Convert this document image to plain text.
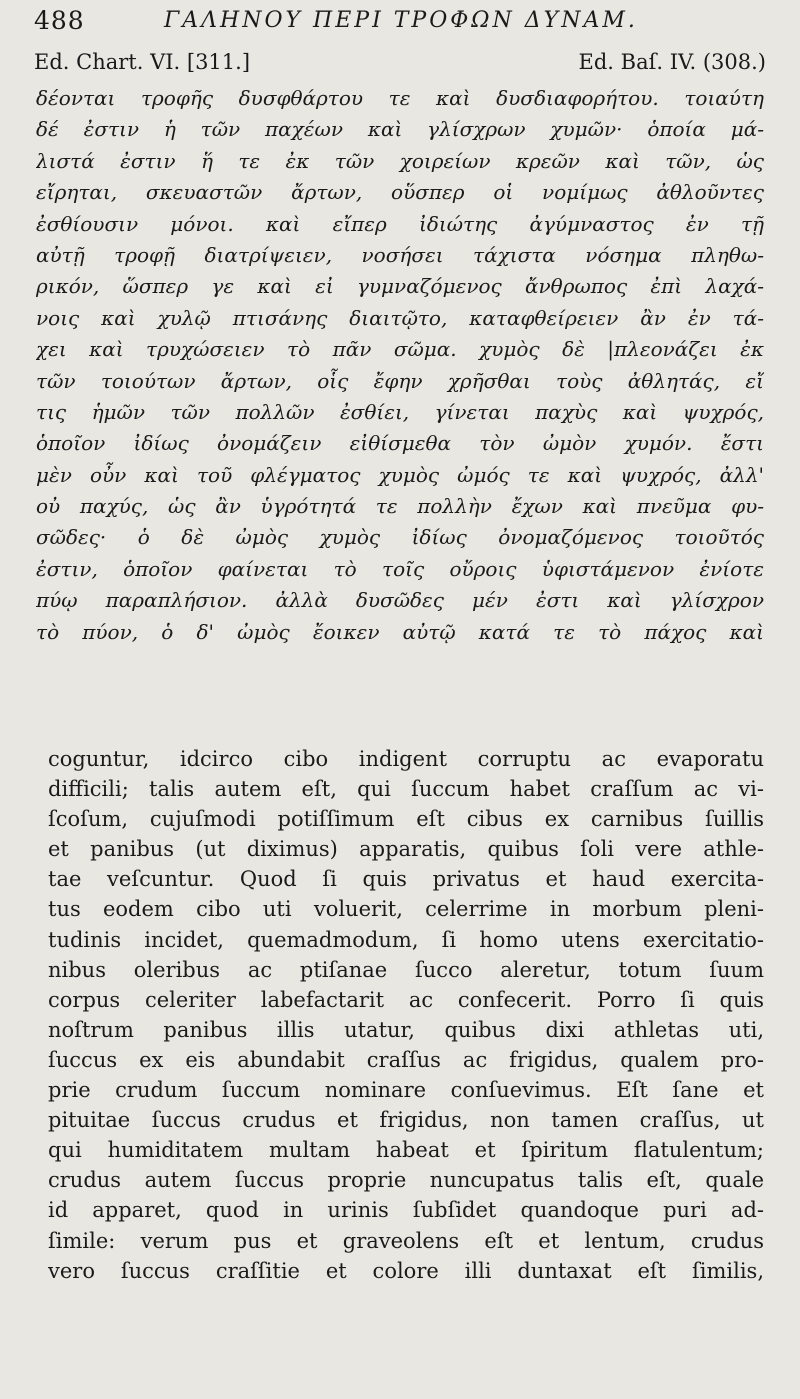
488	ΓΑΛΗΝΟΥ ΠΕΡΙ ΤΡΟΦΩΝ ΔΥΝΑΜ.
Ed. Chart. VI. [311.]	Ed. Baſ. IV. (308.)
δέονται τροφῆς δυσφθάρτου τε καὶ δυσδιαφορήτου. τοιαύτη
δέ ἐστιν ἡ τῶν παχέων καὶ γλίσχρων χυμῶν· ὁποία μά-
λιστά ἐστιν ἥ τε ἐκ τῶν χοιρείων κρεῶν καὶ τῶν, ὡς
εἴρηται, σκευαστῶν ἄρτων, οὕσπερ οἱ νομίμως ἀθλοῦντες
ἐσθίουσιν μόνοι. καὶ εἴπερ ἰδιώτης ἀγύμναστος ἐν τῇ
αὐτῇ τροφῇ διατρίψειεν, νοσήσει τάχιστα νόσημα πληθω-
ρικόν, ὥσπερ γε καὶ εἰ γυμναζόμενος ἄνθρωπος ἐπὶ λαχά-
νοις καὶ χυλῷ πτισάνης διαιτῷτο, καταφθείρειεν ἂν ἐν τά-
χει καὶ τρυχώσειεν τὸ πᾶν σῶμα. χυμὸς δὲ |πλεονάζει ἐκ
τῶν τοιούτων ἄρτων, οἷς ἔφην χρῆσθαι τοὺς ἀθλητάς, εἴ
τις ἡμῶν τῶν πολλῶν ἐσθίει, γίνεται παχὺς καὶ ψυχρός,
ὁποῖον ἰδίως ὀνομάζειν εἰθίσμεθα τὸν ὠμὸν χυμόν. ἔστι
μὲν οὖν καὶ τοῦ φλέγματος χυμὸς ὠμός τε καὶ ψυχρός, ἀλλ'
οὐ παχύς, ὡς ἂν ὑγρότητά τε πολλὴν ἔχων καὶ πνεῦμα φυ-
σῶδες· ὁ δὲ ὠμὸς χυμὸς ἰδίως ὀνομαζόμενος τοιοῦτός
ἐστιν, ὁποῖον φαίνεται τὸ τοῖς οὔροις ὑφιστάμενον ἐνίοτε
πύῳ παραπλήσιον. ἀλλὰ δυσῶδες μέν ἐστι καὶ γλίσχρον
τὸ πύον, ὁ δ' ὠμὸς ἔοικεν αὐτῷ κατά τε τὸ πάχος καὶ
coguntur, idcirco cibo indigent corruptu ac evaporatu
difficili; talis autem eſt, qui ſuccum habet craſſum ac vi-
ſcoſum, cujuſmodi potiſſimum eſt cibus ex carnibus ſuillis
et panibus (ut diximus) apparatis, quibus ſoli vere athle-
tae veſcuntur. Quod ſi quis privatus et haud exercita-
tus eodem cibo uti voluerit, celerrime in morbum pleni-
tudinis incidet, quemadmodum, ſi homo utens exercitatio-
nibus oleribus ac ptiſanae ſucco aleretur, totum ſuum
corpus celeriter labefactarit ac confecerit. Porro ſi quis
noſtrum panibus illis utatur, quibus dixi athletas uti,
ſuccus ex eis abundabit craſſus ac frigidus, qualem pro-
prie crudum ſuccum nominare conſuevimus. Eſt ſane et
pituitae ſuccus crudus et frigidus, non tamen craſſus, ut
qui humiditatem multam habeat et ſpiritum flatulentum;
crudus autem ſuccus proprie nuncupatus talis eſt, quale
id apparet, quod in urinis ſubſidet quandoque puri ad-
ſimile: verum pus et graveolens eſt et lentum, crudus
vero ſuccus craſſitie et colore illi duntaxat eſt ſimilis,
